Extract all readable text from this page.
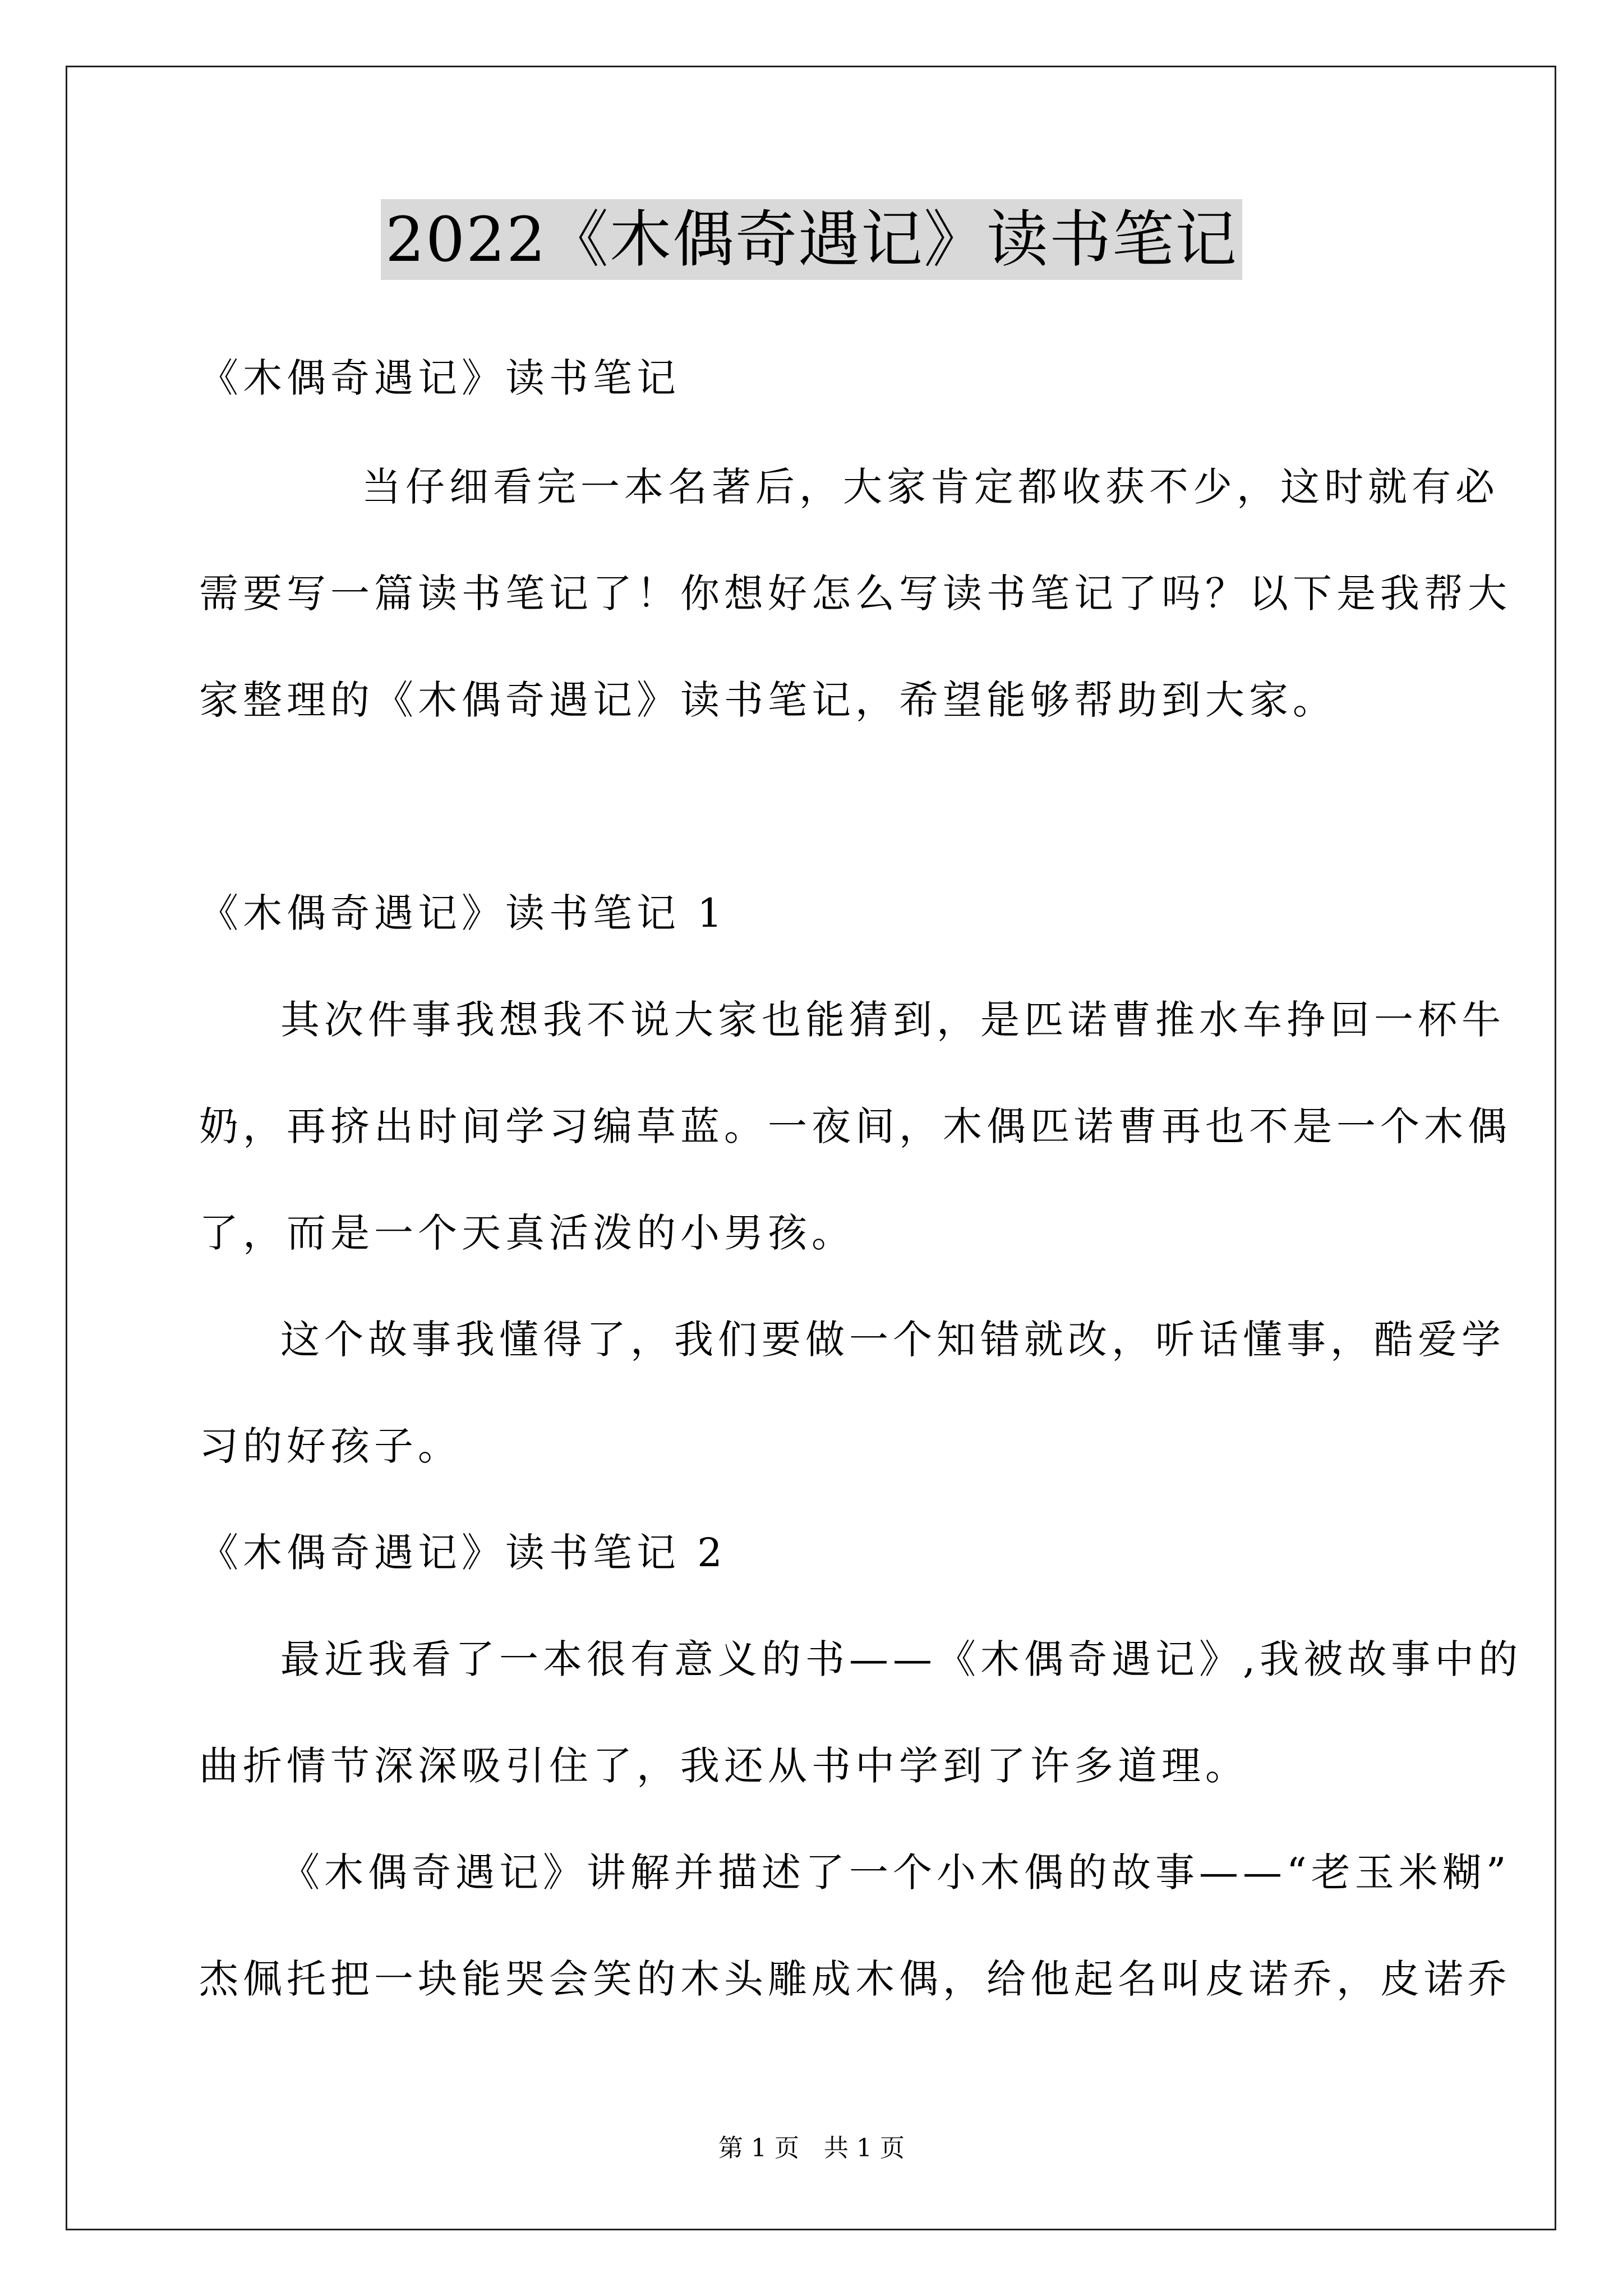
2022《木偶奇遇记》读书笔记
《木偶奇遇记》读书笔记
当仔细看完一本名著后，大家肯定都收获不少，这时就有必
需要写一篇读书笔记了！你想好怎么写读书笔记了吗？以下是我帮大
家整理的《木偶奇遇记》读书笔记，希望能够帮助到大家。
《木偶奇遇记》读书笔记 1
其次件事我想我不说大家也能猜到，是匹诺曹推水车挣回一杯牛
奶，再挤出时间学习编草蓝。一夜间，木偶匹诺曹再也不是一个木偶
了，而是一个天真活泼的小男孩。
这个故事我懂得了，我们要做一个知错就改，听话懂事，酷爱学
习的好孩子。
《木偶奇遇记》读书笔记 2
最近我看了一本很有意义的书——《木偶奇遇记》,我被故事中的
曲折情节深深吸引住了，我还从书中学到了许多道理。
《木偶奇遇记》讲解并描述了一个小木偶的故事——“老玉米糊”
杰佩托把一块能哭会笑的木头雕成木偶，给他起名叫皮诺乔，皮诺乔
第 1 页　共 1 页
